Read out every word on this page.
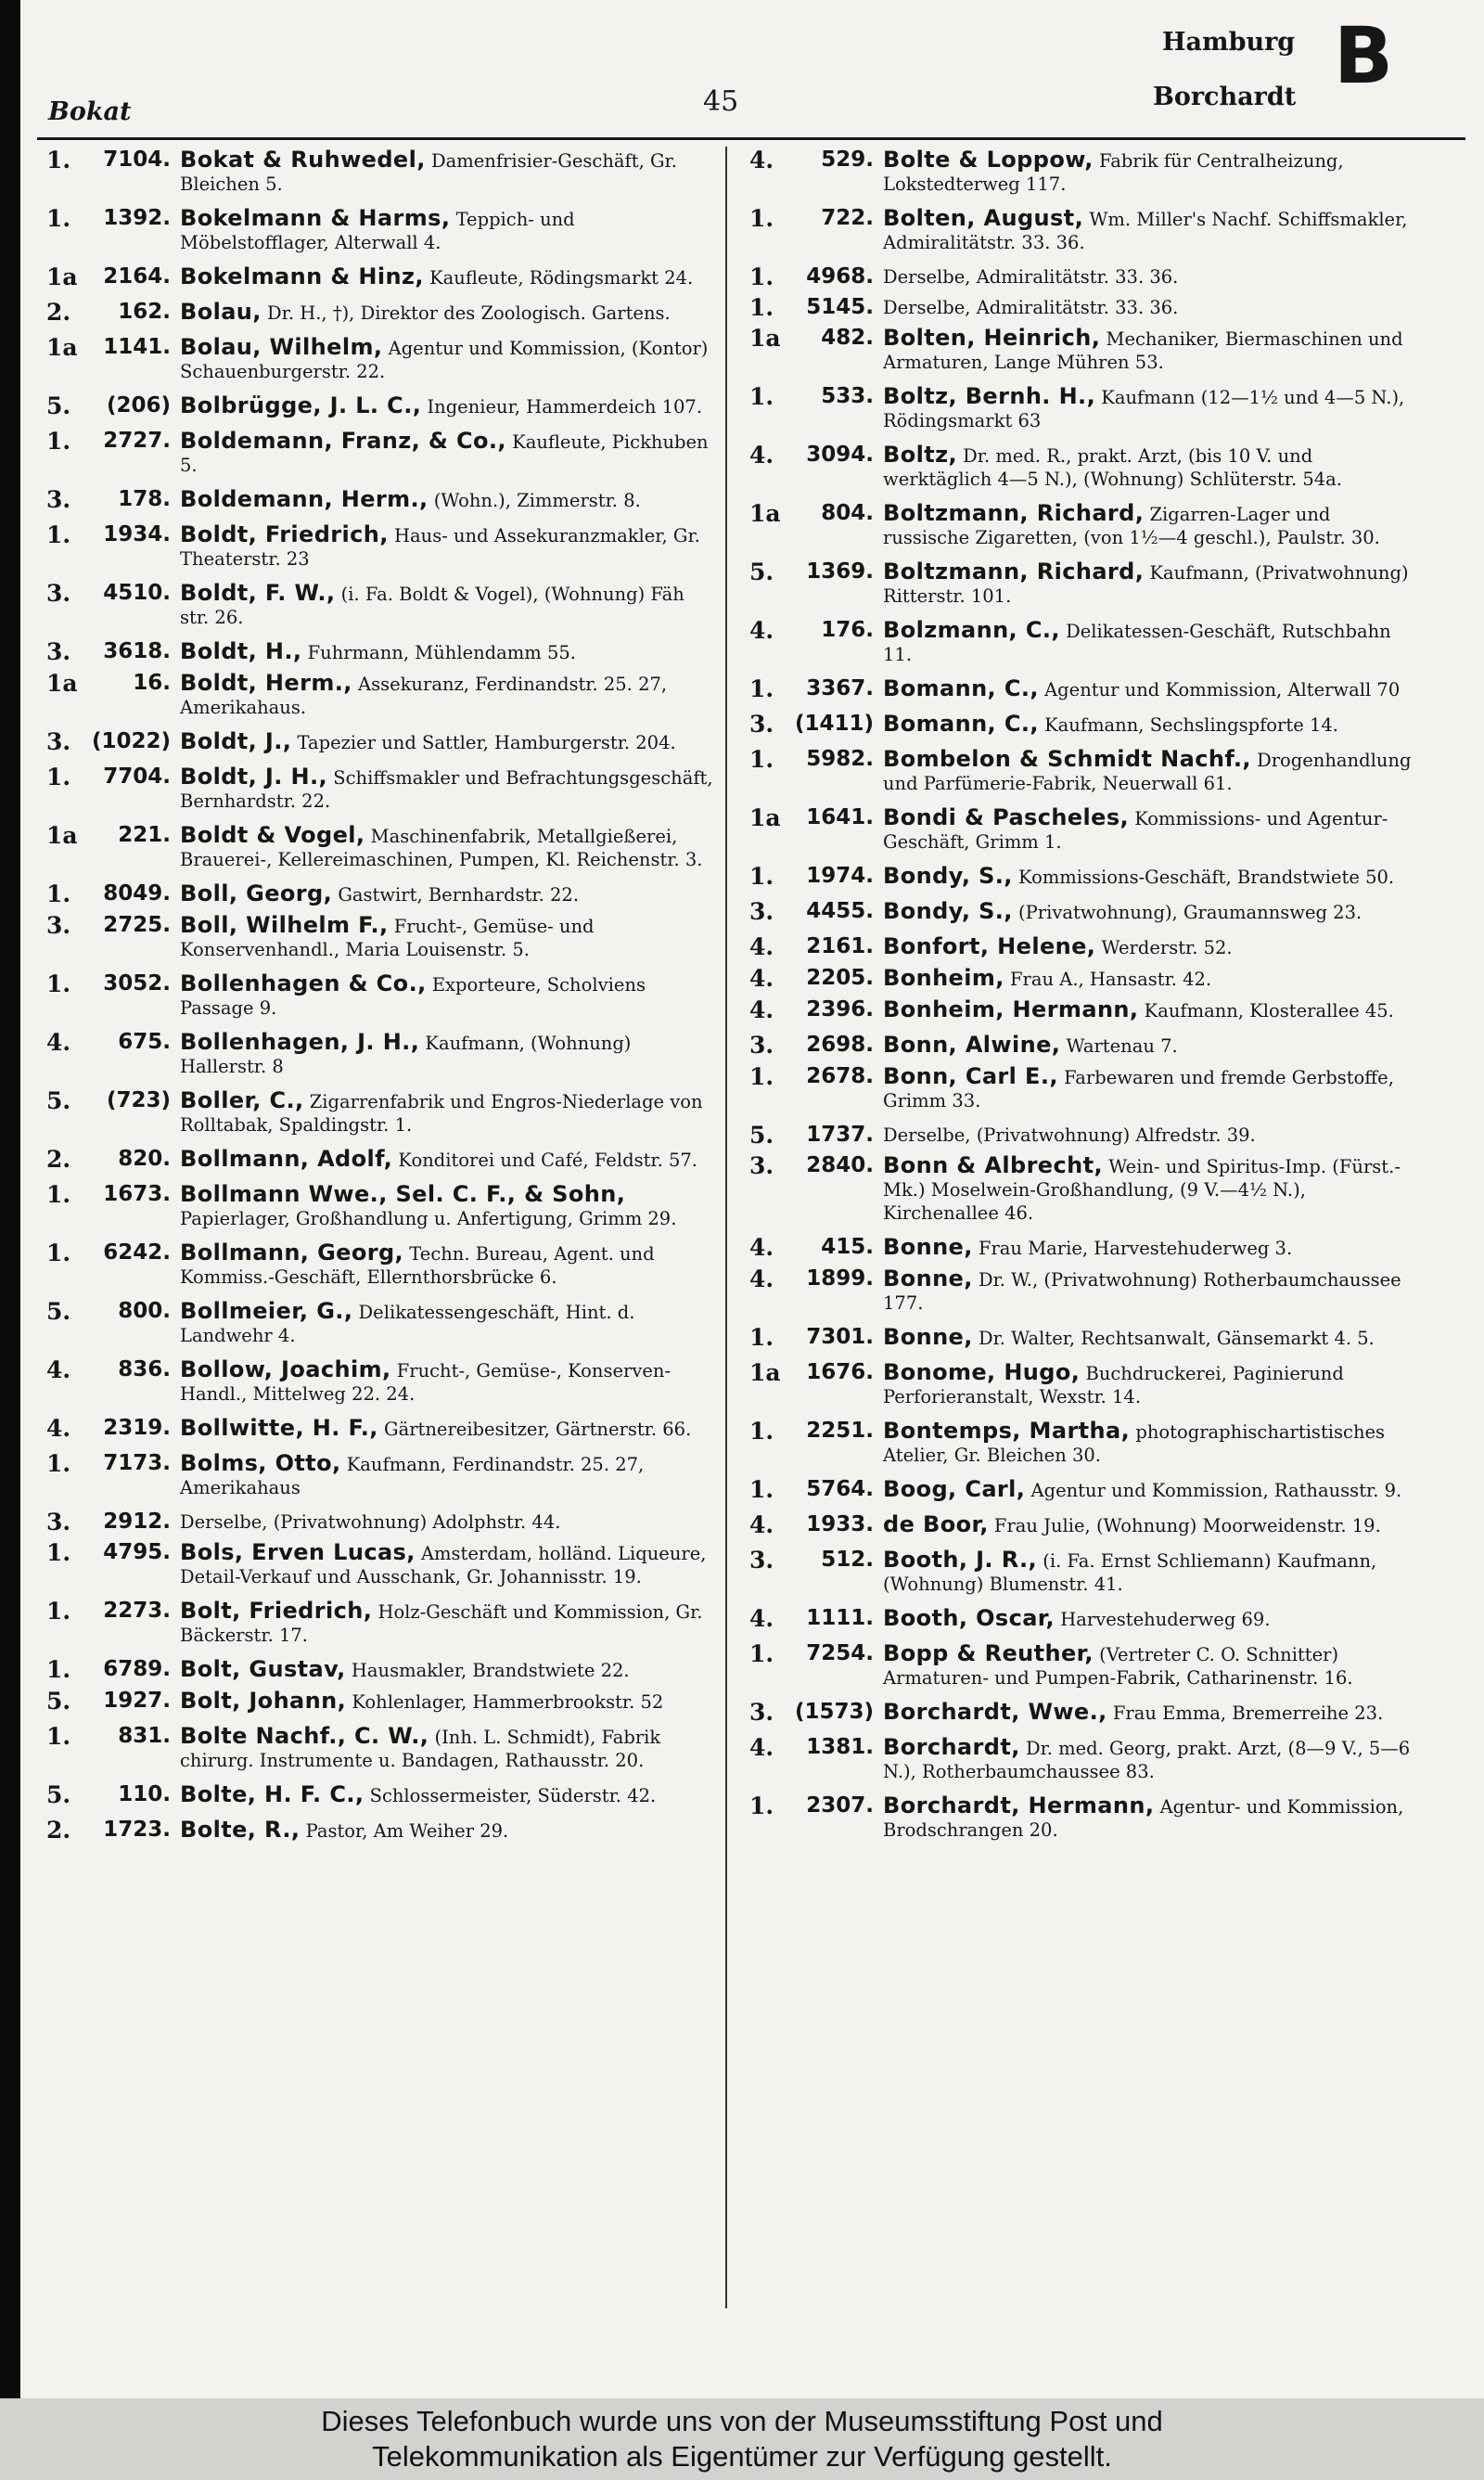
Bokat	45
Hamburg
Borchardt B
1.	7104. Bokat & Ruhwedel, Damenfrisier-Geschäft, Gr. Bleichen 5.
1.	1392. Bokelmann & Harms, Teppich- und Möbelstofflager, Alterwall 4.
1a	2164. Bokelmann & Hinz, Kaufleute, Rödingsmarkt 24.
2.	162. Bolau, Dr. H., †), Direktor des Zoologisch. Gartens.
1a	1141. Bolau, Wilhelm, Agentur und Kommission, (Kontor) Schauenburgerstr. 22.
5.	(206) Bolbrügge, J. L. C., Ingenieur, Hammerdeich 107.
1.	2727. Boldemann, Franz, & Co., Kaufleute, Pickhuben 5.
3.	178. Boldemann, Herm., (Wohn.), Zimmerstr. 8.
1.	1934. Boldt, Friedrich, Haus- und Assekuranzmakler, Gr. Theaterstr. 23
3.	4510. Boldt, F. W., (i. Fa. Boldt & Vogel), (Wohnung) Fäh str. 26.
3.	3618. Boldt, H., Fuhrmann, Mühlendamm 55.
1a	16. Boldt, Herm., Assekuranz, Ferdinandstr. 25. 27, Amerikahaus.
3. (1022) Boldt, J., Tapezier und Sattler, Hamburgerstr. 204.
1.	7704. Boldt, J. H., Schiffsmakler und Befrachtungsgeschäft, Bernhardstr. 22.
1a	221. Boldt & Vogel, Maschinenfabrik, Metallgießerei, Brauerei-, Kellereimaschinen, Pumpen, Kl. Reichenstr. 3.
1.	8049. Boll, Georg, Gastwirt, Bernhardstr. 22.
3.	2725. Boll, Wilhelm F., Frucht-, Gemüse- und Konservenhandl., Maria Louisenstr. 5.
1.	3052. Bollenhagen & Co., Exporteure, Scholviens Passage 9.
4.	675. Bollenhagen, J. H., Kaufmann, (Wohnung) Hallerstr. 8
5.	(723) Boller, C., Zigarrenfabrik und Engros-Niederlage von Rolltabak, Spaldingstr. 1.
2.	820. Bollmann, Adolf, Konditorei und Café, Feldstr. 57.
1.	1673. Bollmann Wwe., Sel. C. F., & Sohn, Papierlager, Großhandlung u. Anfertigung, Grimm 29.
1.	6242. Bollmann, Georg, Techn. Bureau, Agent. und Kommiss.-Geschäft, Ellernthorsbrücke 6.
5.	800. Bollmeier, G., Delikatessengeschäft, Hint. d. Landwehr 4.
4.	836. Bollow, Joachim, Frucht-, Gemüse-, Konserven-Handl., Mittelweg 22. 24.
4.	2319. Bollwitte, H. F., Gärtnereibesitzer, Gärtnerstr. 66.
1.	7173. Bolms, Otto, Kaufmann, Ferdinandstr. 25. 27, Amerikahaus
3.	2912. Derselbe, (Privatwohnung) Adolphstr. 44.
1.	4795. Bols, Erven Lucas, Amsterdam, holländ. Liqueure, Detail-Verkauf und Ausschank, Gr. Johannisstr. 19.
1.	2273. Bolt, Friedrich, Holz-Geschäft und Kommission, Gr. Bäckerstr. 17.
1.	6789. Bolt, Gustav, Hausmakler, Brandstwiete 22.
5.	1927. Bolt, Johann, Kohlenlager, Hammerbrookstr. 52
1.	831. Bolte Nachf., C. W., (Inh. L. Schmidt), Fabrik chirurg. Instrumente u. Bandagen, Rathausstr. 20.
5.	110. Bolte, H. F. C., Schlossermeister, Süderstr. 42.
2.	1723. Bolte, R., Pastor, Am Weiher 29.
4.	529. Bolte & Loppow, Fabrik für Centralheizung, Lokstedterweg 117.
1.	722. Bolten, August, Wm. Miller's Nachf. Schiffsmakler, Admiralitätstr. 33. 36.
1.	4968. Derselbe, Admiralitätstr. 33. 36.
1.	5145. Derselbe, Admiralitätstr. 33. 36.
1a	482. Bolten, Heinrich, Mechaniker, Biermaschinen und Armaturen, Lange Mühren 53.
1.	533. Boltz, Bernh. H., Kaufmann (12—1½ und 4—5 N.), Rödingsmarkt 63
4.	3094. Boltz, Dr. med. R., prakt. Arzt, (bis 10 V. und werktäglich 4—5 N.), (Wohnung) Schlüterstr. 54a.
1a	804. Boltzmann, Richard, Zigarren-Lager und russische Zigaretten, (von 1½—4 geschl.), Paulstr. 30.
5.	1369. Boltzmann, Richard, Kaufmann, (Privatwohnung) Ritterstr. 101.
4.	176. Bolzmann, C., Delikatessen-Geschäft, Rutschbahn 11.
1.	3367. Bomann, C., Agentur und Kommission, Alterwall 70
3. (1411) Bomann, C., Kaufmann, Sechslingspforte 14.
1.	5982. Bombelon & Schmidt Nachf., Drogenhandlung und Parfümerie-Fabrik, Neuerwall 61.
1a	1641. Bondi & Pascheles, Kommissions- und Agentur-Geschäft, Grimm 1.
1.	1974. Bondy, S., Kommissions-Geschäft, Brandstwiete 50.
3.	4455. Bondy, S., (Privatwohnung), Graumannsweg 23.
4.	2161. Bonfort, Helene, Werderstr. 52.
4.	2205. Bonheim, Frau A., Hansastr. 42.
4.	2396. Bonheim, Hermann, Kaufmann, Klosterallee 45.
3.	2698. Bonn, Alwine, Wartenau 7.
1.	2678. Bonn, Carl E., Farbewaren und fremde Gerbstoffe, Grimm 33.
5.	1737. Derselbe, (Privatwohnung) Alfredstr. 39.
3.	2840. Bonn & Albrecht, Wein- und Spiritus-Imp. (Fürst.-Mk.) Moselwein-Großhandlung, (9 V.—4½ N.), Kirchenallee 46.
4.	415. Bonne, Frau Marie, Harvestehuderweg 3.
4.	1899. Bonne, Dr. W., (Privatwohnung) Rotherbaumchaussee 177.
1.	7301. Bonne, Dr. Walter, Rechtsanwalt, Gänsemarkt 4. 5.
1a	1676. Bonome, Hugo, Buchdruckerei, Paginierund Perforieranstalt, Wexstr. 14.
1.	2251. Bontemps, Martha, photographischartistisches Atelier, Gr. Bleichen 30.
1.	5764. Boog, Carl, Agentur und Kommission, Rathausstr. 9.
4.	1933. de Boor, Frau Julie, (Wohnung) Moorweidenstr. 19.
3.	512. Booth, J. R., (i. Fa. Ernst Schliemann) Kaufmann, (Wohnung) Blumenstr. 41.
4.	1111. Booth, Oscar, Harvestehuderweg 69.
1.	7254. Bopp & Reuther, (Vertreter C. O. Schnitter) Armaturen- und Pumpen-Fabrik, Catharinenstr. 16.
3. (1573) Borchardt, Wwe., Frau Emma, Bremerreihe 23.
4.	1381. Borchardt, Dr. med. Georg, prakt. Arzt, (8—9 V., 5—6 N.), Rotherbaumchaussee 83.
1.	2307. Borchardt, Hermann, Agentur- und Kommission, Brodschrangen 20.
Dieses Telefonbuch wurde uns von der Museumsstiftung Post und
Telekommunikation als Eigentümer zur Verfügung gestellt.
